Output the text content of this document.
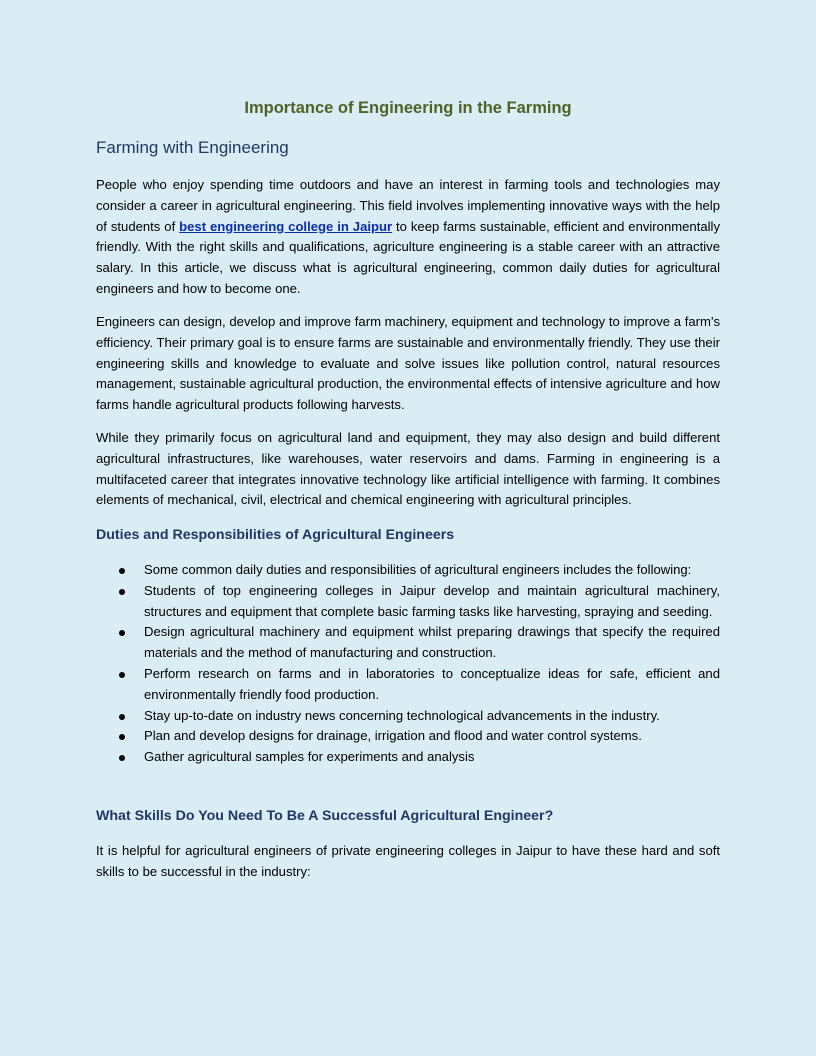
Importance of Engineering in the Farming
Farming with Engineering

People who enjoy spending time outdoors and have an interest in farming tools and technologies may consider a career in agricultural engineering. This field involves implementing innovative ways with the help of students of best engineering college in Jaipur to keep farms sustainable, efficient and environmentally friendly. With the right skills and qualifications, agriculture engineering is a stable career with an attractive salary. In this article, we discuss what is agricultural engineering, common daily duties for agricultural engineers and how to become one.

Engineers can design, develop and improve farm machinery, equipment and technology to improve a farm's efficiency. Their primary goal is to ensure farms are sustainable and environmentally friendly. They use their engineering skills and knowledge to evaluate and solve issues like pollution control, natural resources management, sustainable agricultural production, the environmental effects of intensive agriculture and how farms handle agricultural products following harvests.

While they primarily focus on agricultural land and equipment, they may also design and build different agricultural infrastructures, like warehouses, water reservoirs and dams. Farming in engineering is a multifaceted career that integrates innovative technology like artificial intelligence with farming. It combines elements of mechanical, civil, electrical and chemical engineering with agricultural principles.

Duties and Responsibilities of Agricultural Engineers
Some common daily duties and responsibilities of agricultural engineers includes the following:
Students of top engineering colleges in Jaipur develop and maintain agricultural machinery, structures and equipment that complete basic farming tasks like harvesting, spraying and seeding.
Design agricultural machinery and equipment whilst preparing drawings that specify the required materials and the method of manufacturing and construction.
Perform research on farms and in laboratories to conceptualize ideas for safe, efficient and environmentally friendly food production.
Stay up-to-date on industry news concerning technological advancements in the industry.
Plan and develop designs for drainage, irrigation and flood and water control systems.
Gather agricultural samples for experiments and analysis
What Skills Do You Need To Be A Successful Agricultural Engineer?

It is helpful for agricultural engineers of private engineering colleges in Jaipur to have these hard and soft skills to be successful in the industry:
